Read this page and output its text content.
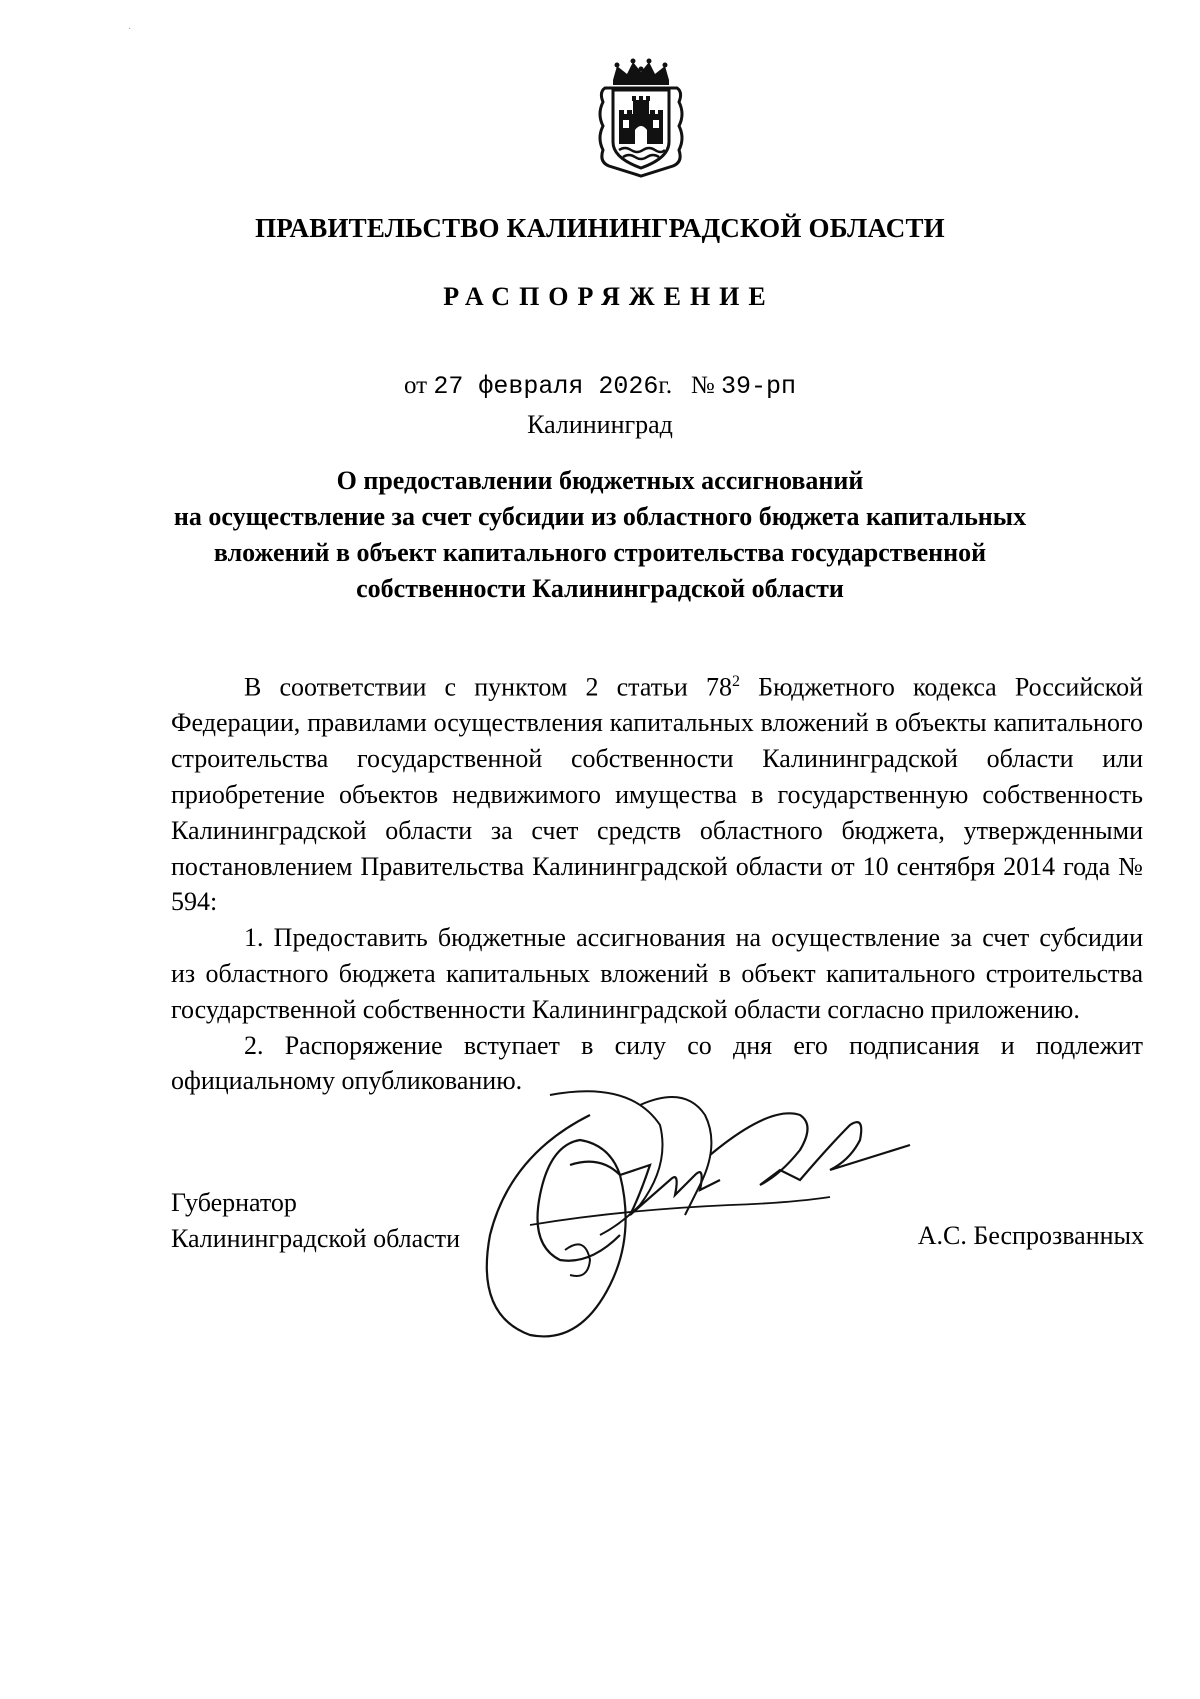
·
ПРАВИТЕЛЬСТВО КАЛИНИНГРАДСКОЙ ОБЛАСТИ
РАСПОРЯЖЕНИЕ
от 27 февраля 2026г. № 39-рп
Калининград
О предоставлении бюджетных ассигнований
на осуществление за счет субсидии из областного бюджета капитальных
вложений в объект капитального строительства государственной
собственности Калининградской области

В соответствии с пунктом 2 статьи $78^2$ Бюджетного кодекса Российской Федерации, правилами осуществления капитальных вложений в объекты капитального строительства государственной собственности Калининградской области или приобретение объектов недвижимого имущества в государственную собственность Калининградской области за счет средств областного бюджета, утвержденными постановлением Правительства Калининградской области от 10 сентября 2014 года № 594:

1. Предоставить бюджетные ассигнования на осуществление за счет субсидии из областного бюджета капитальных вложений в объект капитального строительства государственной собственности Калининградской области согласно приложению.

2. Распоряжение вступает в силу со дня его подписания и подлежит официальному опубликованию.

Губернатор
Калининградской области	А.С. Беспрозванных
